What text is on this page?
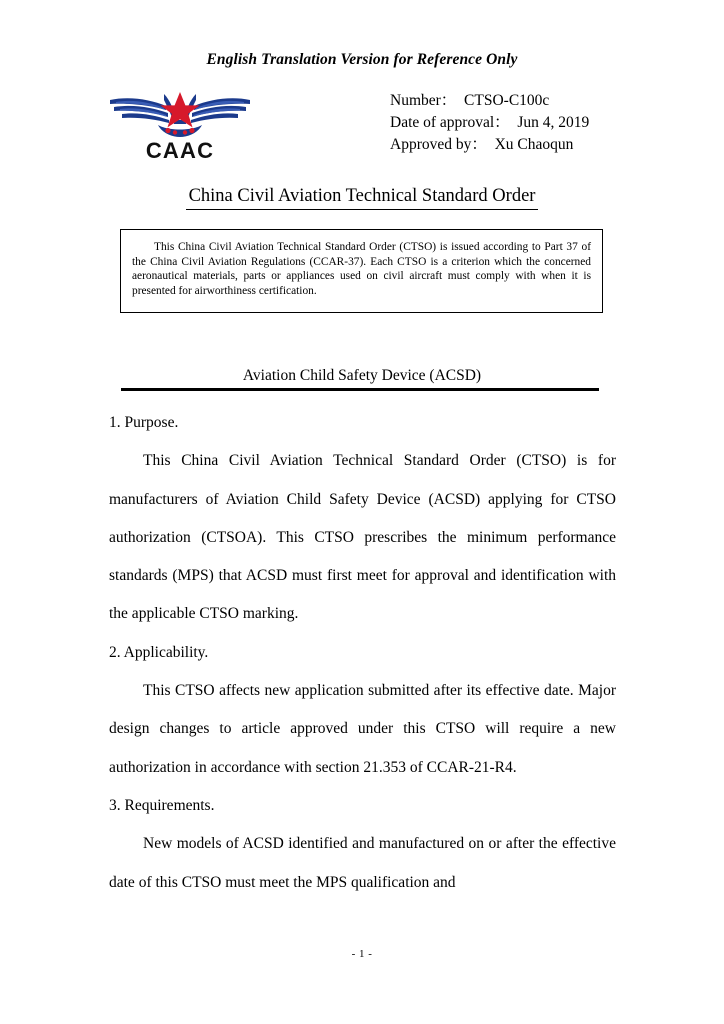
English Translation Version for Reference Only
CAAC
Number：  CTSO-C100c
Date of approval：  Jun 4, 2019
Approved by：  Xu Chaoqun
China Civil Aviation Technical Standard Order
This China Civil Aviation Technical Standard Order (CTSO) is issued according to Part 37 of the China Civil Aviation Regulations (CCAR-37). Each CTSO is a criterion which the concerned aeronautical materials, parts or appliances used on civil aircraft must comply with when it is presented for airworthiness certification.
Aviation Child Safety Device (ACSD)
1. Purpose.
This China Civil Aviation Technical Standard Order (CTSO) is for manufacturers of Aviation Child Safety Device (ACSD) applying for CTSO authorization (CTSOA). This CTSO prescribes the minimum performance standards (MPS) that ACSD must first meet for approval and identification with the applicable CTSO marking.
2. Applicability.
This CTSO affects new application submitted after its effective date. Major design changes to article approved under this CTSO will require a new authorization in accordance with section 21.353 of CCAR-21-R4.
3. Requirements.
New models of ACSD identified and manufactured on or after the effective date of this CTSO must meet the MPS qualification and
- 1 -
